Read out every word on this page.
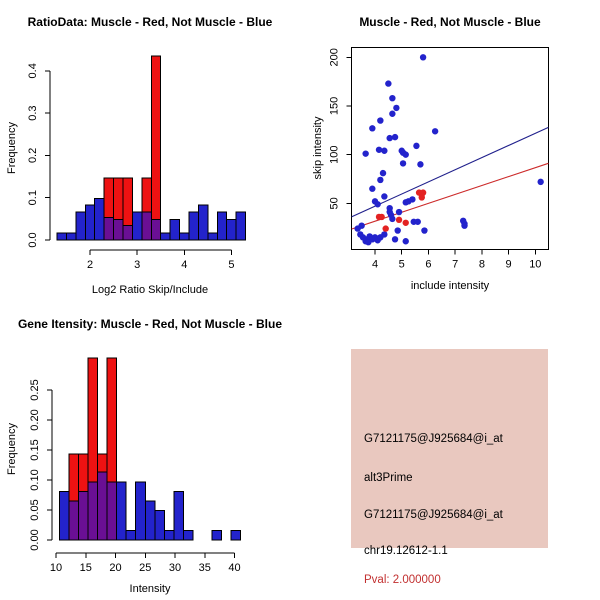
RatioData: Muscle - Red, Not Muscle - Blue
Frequency
0.0
0.1
0.2
0.3
0.4
2	3	4	5
Log2 Ratio Skip/Include
Muscle - Red, Not Muscle - Blue
skip intensity
50
100
150
200
4 5 6 7 8 9 10
include intensity
Gene Itensity: Muscle - Red, Not Muscle - Blue
Frequency
0.00
0.05
0.10
0.15
0.20
0.25
10 15 20 25 30 35 40
Intensity
G7121175@J925684@i_at
alt3Prime
G7121175@J925684@i_at
chr19.12612-1.1
Pval: 2.000000
